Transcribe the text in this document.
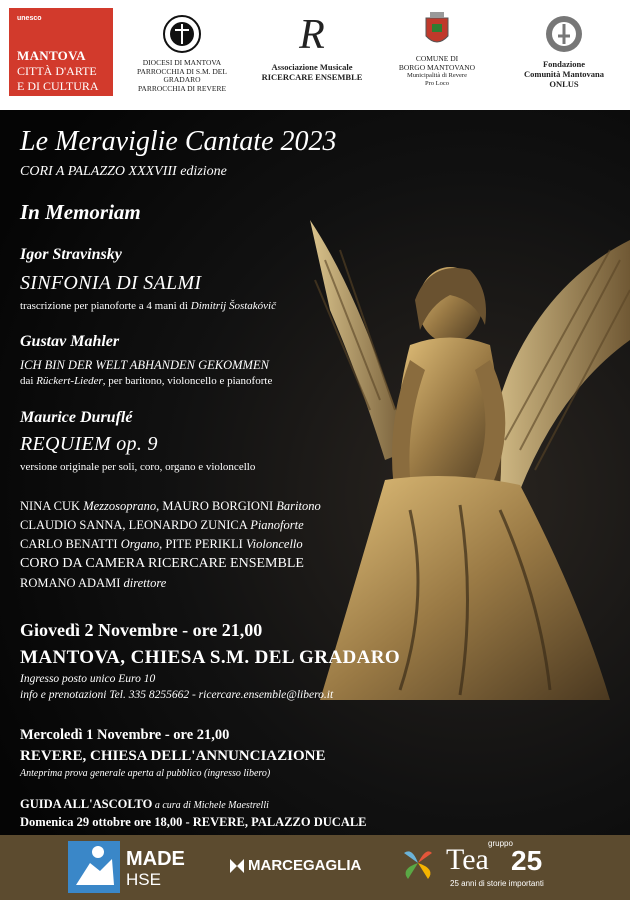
unesco
MANTOVA
CITTÀ D'ARTE
E DI CULTURA
DIOCESI DI MANTOVA
PARROCCHIA DI S.M. DEL GRADARO
PARROCCHIA DI REVERE
R
Associazione Musicale
RICERCARE ENSEMBLE
COMUNE DI
BORGO MANTOVANO
Municipalità di Revere
Pro Loco
Fondazione
Comunità Mantovana
ONLUS
Le Meraviglie Cantate 2023
CORI A PALAZZO XXXVIII edizione
In Memoriam
Igor Stravinsky
SINFONIA DI SALMI
trascrizione per pianoforte a 4 mani di Dimitrij Šostakóvič
Gustav Mahler
ICH BIN DER WELT ABHANDEN GEKOMMEN
dai Rückert-Lieder, per baritono, violoncello e pianoforte
Maurice Duruflé
REQUIEM op. 9
versione originale per soli, coro, organo e violoncello
NINA CUK Mezzosoprano, MAURO BORGIONI Baritono
CLAUDIO SANNA, LEONARDO ZUNICA Pianoforte
CARLO BENATTI Organo, PITE PERIKLI Violoncello
CORO DA CAMERA RICERCARE ENSEMBLE
ROMANO ADAMI direttore
Giovedì 2 Novembre - ore 21,00
MANTOVA, CHIESA S.M. DEL GRADARO
Ingresso posto unico Euro 10
info e prenotazioni Tel. 335 8255662 - ricercare.ensemble@libero.it
Mercoledì 1 Novembre - ore 21,00
REVERE, CHIESA DELL'ANNUNCIAZIONE
Anteprima prova generale aperta al pubblico (ingresso libero)
GUIDA ALL'ASCOLTO a cura di Michele Maestrelli
Domenica 29 ottobre ore 18,00 - REVERE, PALAZZO DUCALE
MADE
HSE
MARCEGAGLIA
gruppo
Tea 25
25 anni di storie importanti
